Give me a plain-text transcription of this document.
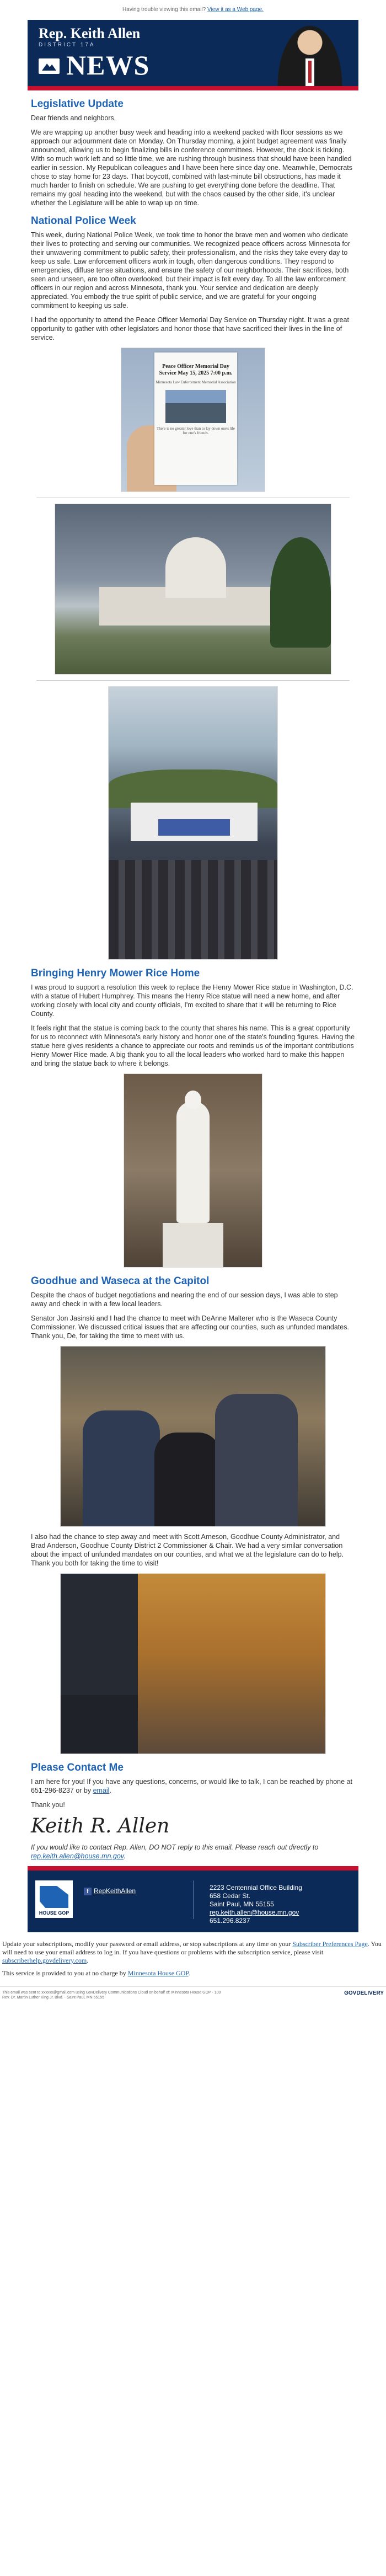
Having trouble viewing this email? View it as a Web page.
Rep. Keith Allen
DISTRICT 17A
NEWS
Legislative Update

Dear friends and neighbors,

We are wrapping up another busy week and heading into a weekend packed with floor sessions as we approach our adjournment date on Monday. On Thursday morning, a joint budget agreement was finally announced, allowing us to begin finalizing bills in conference committees. However, the clock is ticking. With so much work left and so little time, we are rushing through business that should have been handled earlier in session. My Republican colleagues and I have been here since day one. Meanwhile, Democrats chose to stay home for 23 days. That boycott, combined with last-minute bill obstructions, has made it much harder to finish on schedule. We are pushing to get everything done before the deadline. That remains my goal heading into the weekend, but with the chaos caused by the other side, it's unclear whether the Legislature will be able to wrap up on time.

National Police Week

This week, during National Police Week, we took time to honor the brave men and women who dedicate their lives to protecting and serving our communities. We recognized peace officers across Minnesota for their unwavering commitment to public safety, their professionalism, and the risks they take every day to keep us safe. Law enforcement officers work in tough, often dangerous conditions. They respond to emergencies, diffuse tense situations, and ensure the safety of our neighborhoods. Their sacrifices, both seen and unseen, are too often overlooked, but their impact is felt every day. To all the law enforcement officers in our region and across Minnesota, thank you. Your service and dedication are deeply appreciated. You embody the true spirit of public service, and we are grateful for your ongoing commitment to keeping us safe.

I had the opportunity to attend the Peace Officer Memorial Day Service on Thursday night. It was a great opportunity to gather with other legislators and honor those that have sacrificed their lives in the line of service.

Peace Officer Memorial Day Service May 15, 2025 7:00 p.m.
Minnesota Law Enforcement Memorial Association
There is no greater love than to lay down one's life for one's friends.
Bringing Henry Mower Rice Home

I was proud to support a resolution this week to replace the Henry Mower Rice statue in Washington, D.C. with a statue of Hubert Humphrey. This means the Henry Rice statue will need a new home, and after working closely with local city and county officials, I'm excited to share that it will be returning to Rice County.

It feels right that the statue is coming back to the county that shares his name. This is a great opportunity for us to reconnect with Minnesota's early history and honor one of the state's founding figures. Having the statue here gives residents a chance to appreciate our roots and reminds us of the important contributions Henry Mower Rice made. A big thank you to all the local leaders who worked hard to make this happen and bring the statue back to where it belongs.

Goodhue and Waseca at the Capitol

Despite the chaos of budget negotiations and nearing the end of our session days, I was able to step away and check in with a few local leaders.

Senator Jon Jasinski and I had the chance to meet with DeAnne Malterer who is the Waseca County Commissioner. We discussed critical issues that are affecting our counties, such as unfunded mandates. Thank you, De, for taking the time to meet with us.

I also had the chance to step away and meet with Scott Arneson, Goodhue County Administrator, and Brad Anderson, Goodhue County District 2 Commissioner & Chair. We had a very similar conversation about the impact of unfunded mandates on our counties, and what we at the legislature can do to help. Thank you both for taking the time to visit!

Please Contact Me

I am here for you! If you have any questions, concerns, or would like to talk, I can be reached by phone at 651-296-8237 or by email.

Thank you!

Keith R. Allen

If you would like to contact Rep. Allen, DO NOT reply to this email. Please reach out directly to rep.keith.allen@house.mn.gov.

HOUSE GOP
f RepKeithAllen	2223 Centennial Office Building
658 Cedar St.
Saint Paul, MN 55155
rep.keith.allen@house.mn.gov
651.296.8237
Update your subscriptions, modify your password or email address, or stop subscriptions at any time on your Subscriber Preferences Page. You will need to use your email address to log in. If you have questions or problems with the subscription service, please visit subscriberhelp.govdelivery.com.
This service is provided to you at no charge by Minnesota House GOP.
This email was sent to xxxxxx@gmail.com using GovDelivery Communications Cloud on behalf of: Minnesota House GOP · 100
Rev. Dr. Martin Luther King Jr. Blvd. · Saint Paul, MN 55155
GOVDELIVERY
